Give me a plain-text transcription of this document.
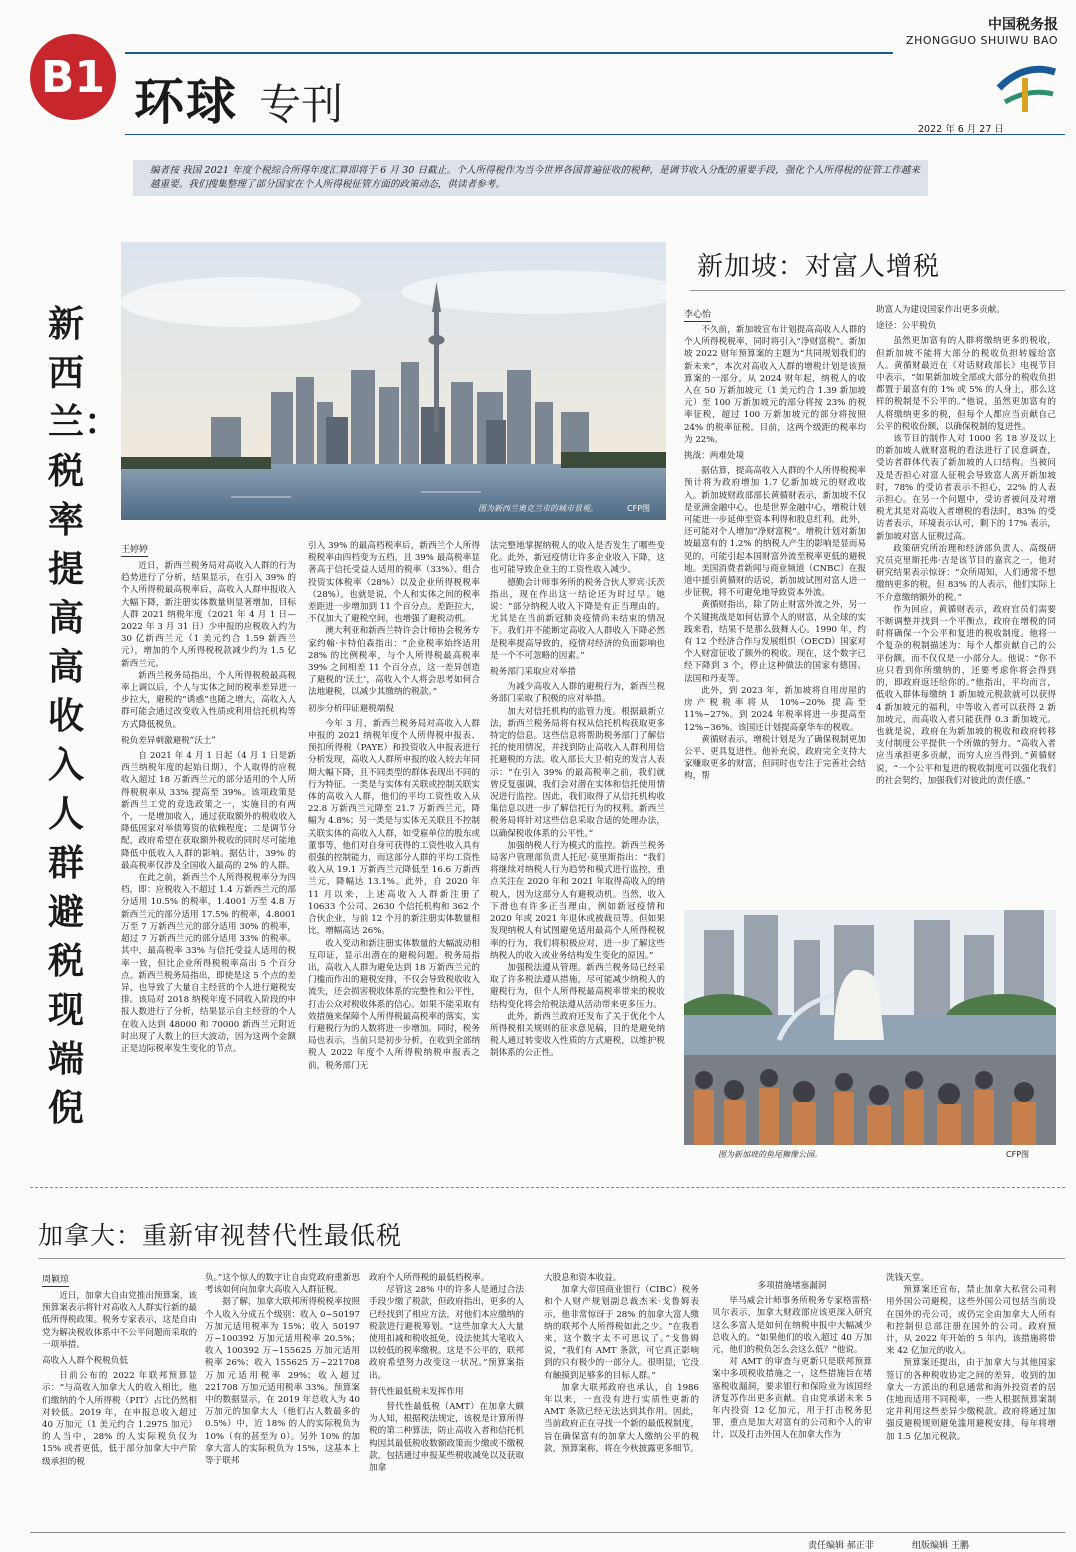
B1 环球 专刊
中国税务报
ZHONGGUO SHUIWU BAO
2022 年 6 月 27 日
编者按 我国 2021 年度个税综合所得年度汇算即将于 6 月 30 日截止。个人所得税作为当今世界各国普遍征收的税种，是调节收入分配的重要手段，强化个人所得税的征管工作越来越重要。我们搜集整理了部分国家在个人所得税征管方面的政策动态，供读者参考。
新西兰：税率提高 高收入人群避税现端倪
图为新西兰奥克兰市的城市景观。	CFP图
王婷婷

近日，新西兰税务局对高收入人群的行为趋势进行了分析，结果显示，在引入 39% 的个人所得税最高税率后，高收入人群申报收入大幅下降，新注册实体数量则显著增加，目标人群 2021 纳税年度（2021 年 4 月 1 日—2022 年 3 月 31 日）少申报的应税收入约为 30 亿新西兰元（1 美元约合 1.59 新西兰元），增加的个人所得税税款减少约为 1.5 亿新西兰元。

新西兰税务局指出，个人所得税税最高税率上调以后，个人与实体之间的税率差异进一步拉大，避税的“诱惑”也随之增大，高收入人群可能会通过改变收入性质或利用信托机构等方式降低税负。

税负差异刺激避税“沃土”

自 2021 年 4 月 1 日起（4 月 1 日是新西兰纳税年度的起始日期），个人取得的应税收入超过 18 万新西兰元的部分适用的个人所得税税率从 33% 提高至 39%。该项政策是新西兰工党的竞选政策之一，实施目的有两个，一是增加收入，通过获取额外的税收收入降低国家对举债筹资的依赖程度；二是调节分配，政府希望在获取额外税收的同时尽可能地降低中低收入人群的影响。据估计，39% 的最高税率仅涉及全国收入最高的 2% 的人群。

在此之前，新西兰个人所得税税率分为四档，即：应税收入不超过 1.4 万新西兰元的部分适用 10.5% 的税率，1.4001 万至 4.8 万新西兰元的部分适用 17.5% 的税率，4.8001 万至 7 万新西兰元的部分适用 30% 的税率，超过 7 万新西兰元的部分适用 33% 的税率。其中，最高税率 33% 与信托受益人适用的税率一致，但比企业所得税税率高出 5 个百分点。新西兰税务局指出，即使是这 5 个点的差异，也导致了大量自主经营的个人进行避税安排。该局对 2018 纳税年度不同收入阶段的申报人数进行了分析，结果显示自主经营的个人在收入达到 48000 和 70000 新西兰元附近时出现了人数上的巨大波动，因为这两个金额正是边际税率发生变化的节点。

引入 39% 的最高档税率后，新西兰个人所得税税率由四档变为五档，且 39% 最高税率显著高于信托受益人适用的税率（33%）、组合投资实体税率（28%）以及企业所得税税率（28%）。也就是说，个人和实体之间的税率差距进一步增加到 11 个百分点。差距拉大，不仅加大了避税空间，也增强了避税动机。

澳大利亚和新西兰特许会计师协会税务专家约翰·卡特伯森指出：“企业税率始终适用 28% 的比例税率，与个人所得税最高税率 39% 之间相差 11 个百分点，这一差异创造了避税的‘沃土’，高收入个人将会思考如何合法地避税，以减少其缴纳的税款。”

初步分析印证避税端倪

今年 3 月，新西兰税务局对高收入人群申报的 2021 纳税年度个人所得税申报表、预扣所得税（PAYE）和投资收入申报表进行分析发现，高收入人群所申报的收入较去年同期大幅下降，且不同类型的群体表现出不同的行为特征。一类是与实体有关联或控制关联实体的高收入人群，他们的平均工资性收入从 22.8 万新西兰元降至 21.7 万新西兰元，降幅为 4.8%；另一类是与实体无关联且不控制关联实体的高收入人群，如受雇单位的股东或董事等，他们对自身可获得的工资性收入具有很强的控制能力，而这部分人群的平均工资性收入从 19.1 万新西兰元降低至 16.6 万新西兰元，降幅达 13.1%。此外，自 2020 年 11 月以来，上述高收入人群新注册了 10633 个公司、2630 个信托机构和 362 个合伙企业，与前 12 个月的新注册实体数量相比，增幅高达 26%。

收入变动和新注册实体数量的大幅波动相互印证，显示出潜在的避税问题。税务局指出，高收入人群为避免达到 18 万新西兰元的门槛而作出的避税安排，不仅会导致税收收入流失，还会损害税收体系的完整性和公平性，打击公众对税收体系的信心。如果不能采取有效措施来保障个人所得税最高税率的落实，实行避税行为的人数将进一步增加。同时，税务局也表示，当前只是初步分析，在收到全部纳税人 2022 年度个人所得税纳税申报表之前，税务部门无

法完整地掌握纳税人的收入是否发生了哪些变化。此外，新冠疫情让许多企业收入下降，这也可能导致企业主的工资性收入减少。

德勤会计师事务所的税务合伙人罗宾·沃茨指出，现在作出这一结论还为时过早。她说：“部分纳税人收入下降是有正当理由的。尤其是在当前新冠肺炎疫情尚未结束的情况下。我们并不能断定高收入人群收入下降必然是税率提高导致的，疫情对经济的负面影响也是一个不可忽略的因素。”

税务部门采取应对举措

为减少高收入人群的避税行为，新西兰税务部门采取了积极的应对举措。

加大对信托机构的监管力度。根据最新立法，新西兰税务局将有权从信托机构获取更多特定的信息。这些信息将帮助税务部门了解信托的使用情况，并找到防止高收入人群利用信托避税的方法。收入部长大卫·帕克的发言人表示：“在引入 39% 的最高税率之前，我们就曾反复强调，我们会对潜在实体和信托使用情况进行监控。因此，我们取得了从信托机构收集信息以进一步了解信托行为的权利。新西兰税务局将针对这些信息采取合适的处理办法，以确保税收体系的公平性。”

加强纳税人行为模式的监控。新西兰税务局客户管理部负责人托尼·莫里斯指出：“我们将继续对纳税人行为趋势和模式进行监控，重点关注在 2020 年和 2021 年取得高收入的纳税人，因为这部分人有避税动机。当然，收入下滑也有许多正当理由，例如新冠疫情和 2020 年或 2021 年退休或被裁员等。但如果发现纳税人有试图避免适用最高个人所得税税率的行为，我们将积极应对，进一步了解这些纳税人的收入或业务结构发生变化的原因。”

加强税法遵从管理。新西兰税务局已经采取了许多税法遵从措施，尽可能减少纳税人的避税行为，但个人所得税最高税率带来的税收结构变化将会给税法遵从活动带来更多压力。

此外，新西兰政府还发布了关于优化个人所得税相关规则的征求意见稿，目的是避免纳税人通过转变收入性质的方式避税，以维护税制体系的公正性。

新加坡：对富人增税
李心怡

不久前，新加坡宣布计划提高高收入人群的个人所得税税率，同时将引入“净财富税”。新加坡 2022 财年预算案的主题为“共同规划我们的新未来”，本次对高收入人群的增税计划是该预算案的一部分。从 2024 财年起，纳税人的收入在 50 万新加坡元（1 美元约合 1.39 新加坡元）至 100 万新加坡元的部分将按 23% 的税率征税，超过 100 万新加坡元的部分将按照 24% 的税率征税。目前，这两个级距的税率均为 22%。

挑战：两难处境

据估算，提高高收入人群的个人所得税税率预计将为政府增加 1.7 亿新加坡元的财政收入。新加坡财政部部长黄循财表示，新加坡不仅是亚洲金融中心，也是世界金融中心，增税计划可能进一步延伸至资本利得和股息红利。此外，还可能对个人增加“净财富税”。增税计划对新加坡最富有的 1.2% 的纳税人产生的影响是显而易见的，可能引起本国财富外流至税率更低的避税地。美国消费者新闻与商业频道（CNBC）在报道中援引黄循财的话说，新加坡试图对富人进一步征税，将不可避免地导致资本外流。

黄循财指出，除了防止财富外流之外，另一个关键挑战是如何估算个人的财富，从全球的实践来看，结果不是那么鼓舞人心。1990 年，约有 12 个经济合作与发展组织（OECD）国家对个人财富征收了额外的税收。现在，这个数字已经下降到 3 个，停止这种做法的国家有德国、法国和丹麦等。

此外，到 2023 年，新加坡将自用房屋的房产税税率将从 10%~20% 提高至 11%~27%。到 2024 年税率将进一步提高至 12%~36%。该国还计划提高豪华车的税收。

黄循财表示，增税计划是为了确保税制更加公平、更具复进性。他补充说，政府完全支持大家赚取更多的财富，但同时也专注于完善社会结构，帮

助富人为建设国家作出更多贡献。

途径：公平税负

虽然更加富有的人群将缴纳更多的税收，但新加坡不能将大部分的税收负担转嫁给富人。黄循财最近在《对话财政部长》电视节目中表示，“如果新加坡全部或大部分的税收负担都置于最富有的 1% 或 5% 的人身上，那么这样的税制是不公平的。”他说，虽然更加富有的人将缴纳更多的税，但每个人都应当贡献自己公平的税收份额，以确保税制的复进性。

该节目的制作人对 1000 名 18 岁及以上的新加坡人就财富税的看法进行了民意调查，受访者群体代表了新加坡的人口结构。当被问及是否担心对富人征税会导致富人离开新加坡时，78% 的受访者表示不担心，22% 的人表示担心。在另一个问题中，受访者被问及对增税尤其是对高收入者增税的看法时，83% 的受访者表示，环境表示认可，剩下的 17% 表示，新加坡对富人征税过高。

政策研究所治理和经济部负责人、高级研究员克里斯托弗·吉是该节目的嘉宾之一，他对研究结果表示惊讶：“众所周知，人们通常不想缴纳更多的税，但 83% 的人表示，他们实际上不介意缴纳额外的税。”

作为回应，黄循财表示，政府官员们需要不断调整并找到一个平衡点，政府在增税的同时将确保一个公平和复进的税收制度。他将一个复杂的税制描述为：每个人都贡献自己的公平份额，而不仅仅是一小部分人。他说：“你不应只看到你所缴纳的，还要考虑你将会得到的，即政府返还给你的。”他指出，平均而言，低收入群体每缴纳 1 新加坡元税款就可以获得 4 新加坡元的福利，中等收入者可以获得 2 新加坡元，而高收入者只能获得 0.3 新加坡元。也就是说，政府在为新加坡的税收和政府转移支付制度公平提供一个所做的努力。“高收入者应当承担更多贡献，而穷人应当得到。”黄循财说，“一个公平和复进的税收制度可以强化我们的社会契约，加强我们对彼此的责任感。”

图为新加坡的鱼尾狮像公园。	CFP图
加拿大：重新审视替代性最低税
周颖琼

近日，加拿大自由党推出预算案，该预算案表示将针对高收入人群实行新的最低所得税政策。税务专家表示，这是自由党为解决税收体系中不公平问题而采取的一项举措。

高收入人群个税税负低

日前公布的 2022 年联邦预算显示：“与高收入加拿大人的收入相比，他们缴纳的个人所得税（PIT）占比仍然相对较低。2019 年，在申报总收入超过 40 万加元（1 美元约合 1.2975 加元）的人当中，28% 的人实际税负仅为 15% 或者更低，低于部分加拿大中产阶级承担的税

负。”这个惊人的数字让自由党政府重新思考该如何向加拿大高收入人群征税。

据了解，加拿大联邦所得税税率按照个人收入分成五个级别：收入 0~50197 万加元适用税率为 15%；收入 50197 万~100392 万加元适用税率 20.5%；收入 100392 万~155625 万加元适用税率 26%；收入 155625 万~221708 万加元适用税率 29%；收入超过 221708 万加元适用税率 33%。预算案中的数据显示，在 2019 年总收入为 40 万加元的加拿大人（他们占人数最多的 0.5%）中，近 18% 的人的实际税负为 10%（有的甚至为 0）。另外 10% 的加拿大富人的实际税负为 15%，这基本上等于联邦

政府个人所得税的最低档税率。

尽管这 28% 中的许多人是通过合法手段少缴了税款，但政府指出，更多的人已经找到了相应方法，对他们本应缴纳的税款进行避税筹划。“这些加拿大人大量使用扣减和税收抵免，设法使其大笔收入以较低的税率缴税。这是不公平的，联邦政府希望努力改变这一状况。”预算案指出。

替代性最低税未发挥作用

替代性最低税（AMT）在加拿大颇为人知，根据税法规定，该税是计算所得税的第二种算法，防止高收入者和信托机构因其最低税收数额政策而少缴或不缴税款，包括通过申报某些税收减免以及获取加拿

大股息和资本收益。

加拿大帝国商业银行（CIBC）税务和个人财产规划副总裁杰米·戈鲁姆表示，他非常惊讶于 28% 的加拿大富人缴纳的联邦个人所得税如此之少。“在我看来，这个数字太不可思议了。”戈鲁姆说，“我们有 AMT 条款，可它真正影响到的只有极少的一部分人。很明显，它没有触摸到足够多的目标人群。”

加拿大联邦政府也承认，自 1986 年以来，一直没有进行实质性更新的 AMT 条款已经无法达到其作用。因此，当前政府正在寻找一个新的最低税制度，旨在确保富有的加拿大人缴纳公平的税款，预算案称，将在今秋披露更多细节。

多项措施堵塞漏洞

毕马威会计师事务所税务专家格雷格·贝尔表示，加拿大财政部应该更深入研究这么多富人是如何在纳税申报中大幅减少总收入的。“如果他们的收入超过 40 万加元，他们的税负怎么会这么低？”他说。

对 AMT 的审查与更新只是联邦预算案中多项税收措施之一，这些措施旨在堵塞税收漏洞，要求银行和保险业为该国经济复苏作出更多贡献。自由党承诺未来 5 年内投资 12 亿加元，用于打击税务犯罪，重点是加大对富有的公司和个人的审计，以及打击外国人在加拿大作为

洗钱天堂。

预算案还宣布，禁止加拿大私营公司利用外国公司避税，这些外国公司包括当前设在国外的壳公司，或仍完全由加拿大人所有和控制但总部注册在国外的公司。政府预计，从 2022 年开始的 5 年内，该措施将带来 42 亿加元的收入。

预算案还提出，由于加拿大与其他国家签订的各种税收协定之间的差异，收到的加拿大一方派出的利息通常和海外投资者的居住地而适用不同税率，一些人根据预算案制定并利用这些差异少缴税款。政府将通过加强反避税规则避免滥用避税安排，每年将增加 1.5 亿加元税款。

责任编辑 郝正非	组版编辑 王鹏
